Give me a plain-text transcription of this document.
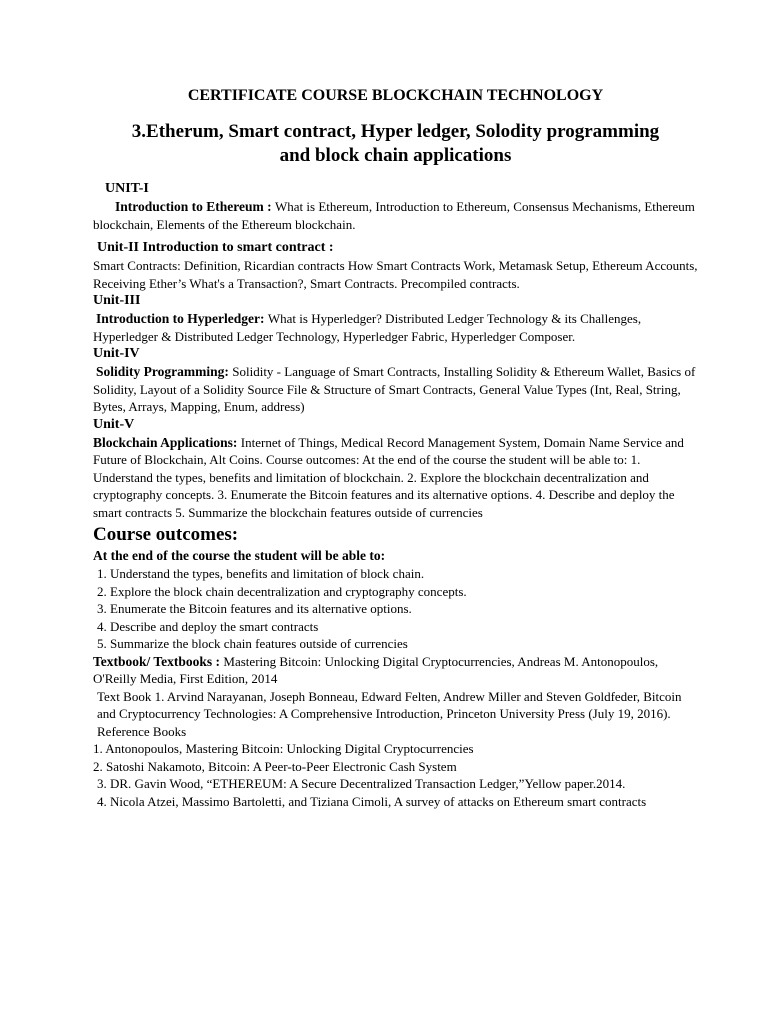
CERTIFICATE COURSE BLOCKCHAIN TECHNOLOGY
3.Etherum, Smart contract, Hyper ledger, Solodity programming
and block chain applications
UNIT-I

Introduction to Ethereum : What is Ethereum, Introduction to Ethereum, Consensus Mechanisms, Ethereum blockchain, Elements of the Ethereum blockchain.

Unit-II Introduction to smart contract :

Smart Contracts: Definition, Ricardian contracts How Smart Contracts Work, Metamask Setup, Ethereum Accounts, Receiving Ether’s What's a Transaction?, Smart Contracts. Precompiled contracts.

Unit-III

Introduction to Hyperledger: What is Hyperledger? Distributed Ledger Technology & its Challenges, Hyperledger & Distributed Ledger Technology, Hyperledger Fabric, Hyperledger Composer.

Unit-IV

Solidity Programming: Solidity - Language of Smart Contracts, Installing Solidity & Ethereum Wallet, Basics of Solidity, Layout of a Solidity Source File & Structure of Smart Contracts, General Value Types (Int, Real, String, Bytes, Arrays, Mapping, Enum, address)

Unit-V

Blockchain Applications: Internet of Things, Medical Record Management System, Domain Name Service and Future of Blockchain, Alt Coins. Course outcomes: At the end of the course the student will be able to: 1. Understand the types, benefits and limitation of blockchain. 2. Explore the blockchain decentralization and cryptography concepts. 3. Enumerate the Bitcoin features and its alternative options. 4. Describe and deploy the smart contracts 5. Summarize the blockchain features outside of currencies

Course outcomes:
At the end of the course the student will be able to:
1. Understand the types, benefits and limitation of block chain.
2. Explore the block chain decentralization and cryptography concepts.
3. Enumerate the Bitcoin features and its alternative options.
4. Describe and deploy the smart contracts
5. Summarize the block chain features outside of currencies

Textbook/ Textbooks : Mastering Bitcoin: Unlocking Digital Cryptocurrencies, Andreas M. Antonopoulos, O'Reilly Media, First Edition, 2014

Text Book 1. Arvind Narayanan, Joseph Bonneau, Edward Felten, Andrew Miller and Steven Goldfeder, Bitcoin and Cryptocurrency Technologies: A Comprehensive Introduction, Princeton University Press (July 19, 2016).

Reference Books
1. Antonopoulos, Mastering Bitcoin: Unlocking Digital Cryptocurrencies
2. Satoshi Nakamoto, Bitcoin: A Peer-to-Peer Electronic Cash System
3. DR. Gavin Wood, “ETHEREUM: A Secure Decentralized Transaction Ledger,”Yellow paper.2014.
4. Nicola Atzei, Massimo Bartoletti, and Tiziana Cimoli, A survey of attacks on Ethereum smart contracts
